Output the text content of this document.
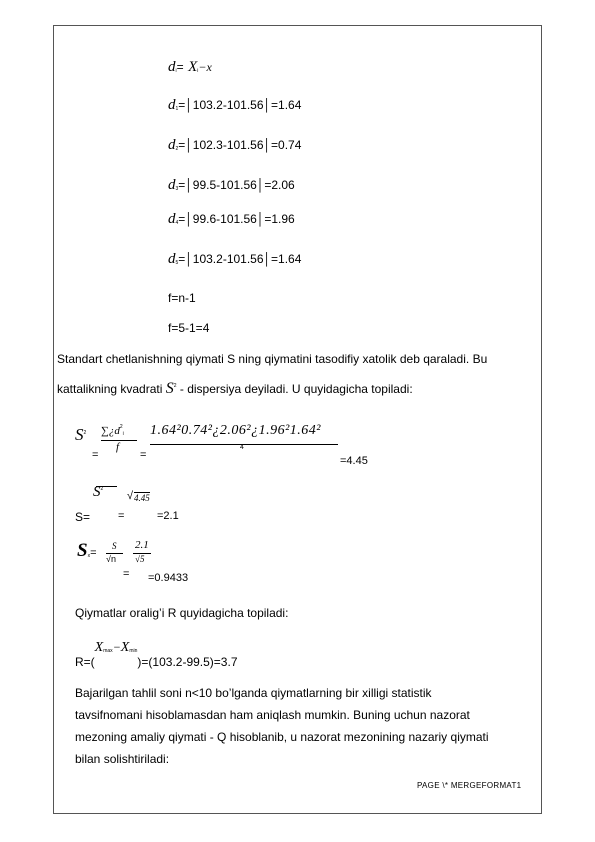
$d_i= X_i-x$
$d_1=│103.2-101.56│=1.64$
$d_2=│102.3-101.56│=0.74$
$d_3=│99.5-101.56│=2.06$
$d_4=│99.6-101.56│=1.96$
$d_5=│103.2-101.56│=1.64$
f=n-1
f=5-1=4
Standart chetlanishning qiymati S ning qiymatini tasodifiy xatolik deb qaraladi. Bu
kattalikning kvadrati $S^2$ - dispersiya deyiladi. U quyidagicha topiladi:
$S^2$
=
$\sum¿d^2_i$
f
=
1.64²0.74²¿2.06²¿1.96²1.64²
4
=4.45
S=
$S^2$
=
√ 4.45
=2.1
$S_x=$
S
√n
2.1
√5
= =0.9433
Qiymatlar oralig’i R quyidagicha topiladi:
$_{R=(}X_{max}-X_{min)=(103.2-99.5)=3.7}$
Bajarilgan tahlil soni n<10 bo’lganda qiymatlarning bir xilligi statistik
tavsifnomani hisoblamasdan ham aniqlash mumkin. Buning uchun nazorat
mezoning amaliy qiymati - Q hisoblanib, u nazorat mezonining nazariy qiymati
bilan solishtiriladi:
PAGE \* MERGEFORMAT1
